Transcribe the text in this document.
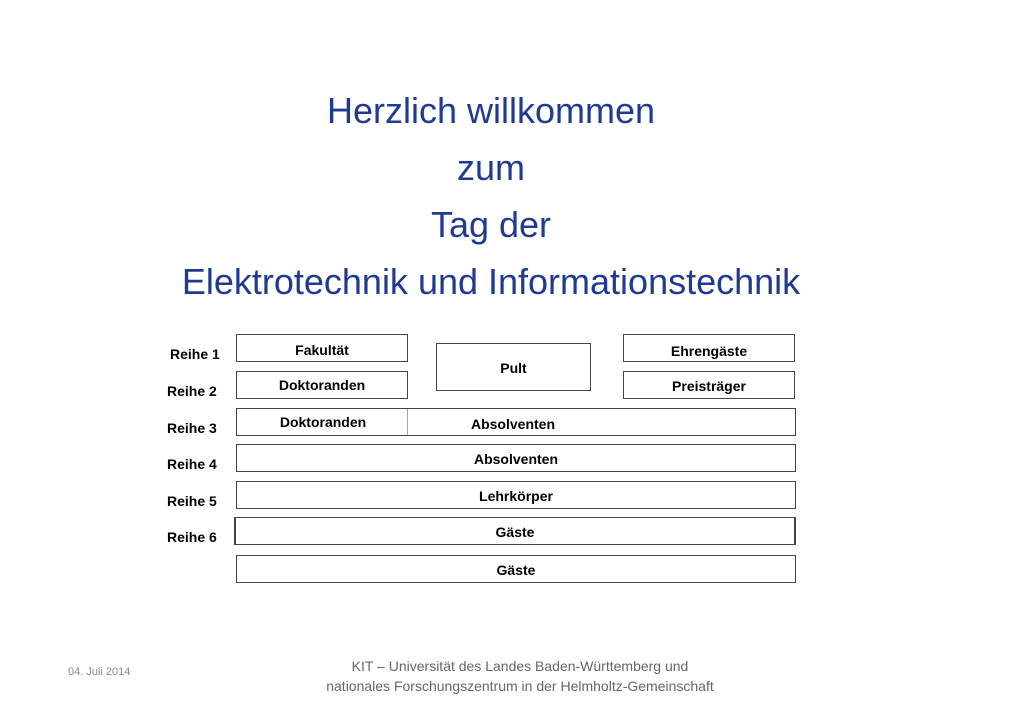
Herzlich willkommen
zum
Tag der
Elektrotechnik und Informationstechnik
Reihe 1
Reihe 2
Reihe 3
Reihe 4
Reihe 5
Reihe 6
Fakultät
Pult
Ehrengäste
Doktoranden	Preisträger
Doktoranden	Absolventen
Absolventen
Lehrkörper
Gäste
Gäste
04. Juli 2014	KIT – Universität des Landes Baden-Württemberg und
nationales Forschungszentrum in der Helmholtz-Gemeinschaft
